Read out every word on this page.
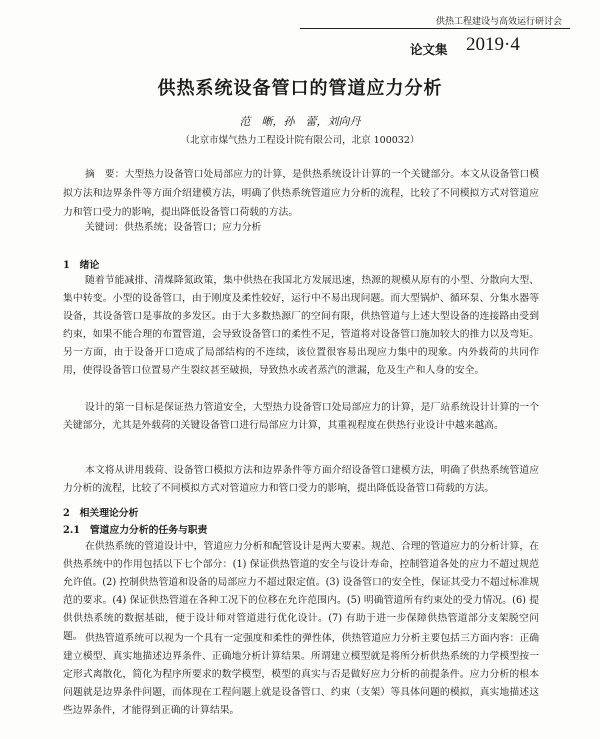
供热工程建设与高效运行研讨会
论文集 2019·4
供热系统设备管口的管道应力分析
范　晰，孙　蕾，刘向丹
（北京市煤气热力工程设计院有限公司，北京 100032）
摘　要：大型热力设备管口处局部应力的计算，是供热系统设计计算的一个关键部分。本文从设备管口模拟方法和边界条件等方面介绍建模方法，明确了供热系统管道应力分析的流程，比较了不同模拟方式对管道应力和管口受力的影响，提出降低设备管口荷载的方法。
关键词：供热系统；设备管口；应力分析
1　绪论
随着节能减排、清煤降氮政策，集中供热在我国北方发展迅速，热源的规模从原有的小型、分散向大型、集中转变。小型的设备管口，由于刚度及柔性较好，运行中不易出现问题。而大型锅炉、循环泵、分集水器等设备，其设备管口是事故的多发区。由于大多数热源厂的空间有限，供热管道与上述大型设备的连接路由受到约束，如果不能合理的布置管道，会导致设备管口的柔性不足，管道将对设备管口施加较大的推力以及弯矩。另一方面，由于设备开口造成了局部结构的不连续，该位置很容易出现应力集中的现象。内外载荷的共同作用，使得设备管口位置易产生裂纹甚至破损，导致热水或者蒸汽的泄漏，危及生产和人身的安全。
设计的第一目标是保证热力管道安全，大型热力设备管口处局部应力的计算，是厂站系统设计计算的一个关键部分，尤其是外载荷的关键设备管口进行局部应力计算，其重视程度在供热行业设计中越来越高。
本文将从讲用载荷、设备管口模拟方法和边界条件等方面介绍设备管口建模方法，明确了供热系统管道应力分析的流程，比较了不同模拟方式对管道应力和管口受力的影响，提出降低设备管口荷载的方法。
2　相关理论分析
2.1　管道应力分析的任务与职责
在供热系统的管道设计中，管道应力分析和配管设计是两大要素。规范、合理的管道应力的分析计算，在供热系统中的作用包括以下七个部分：(1) 保证供热管道的安全与设计寿命，控制管道各处的应力不超过规范允许值。(2) 控制供热管道和设备的局部应力不超过限定值。(3) 设备管口的安全性，保证其受力不超过标准规范的要求。(4) 保证供热管道在各种工况下的位移在允许范围内。(5) 明确管道所有约束处的受力情况。(6) 提供供热系统的数据基础，便于设计师对管道进行优化设计。(7) 有助于进一步保障供热管道部分支架脱空问题。 供热管道系统可以视为一个具有一定强度和柔性的弹性体，供热管道应力分析主要包括三方面内容：正确建立模型、真实地描述边界条件、正确地分析计算结果。所谓建立模型就是将所分析供热系统的力学模型按一定形式离散化，简化为程序所要求的数学模型，模型的真实与否是做好应力分析的前提条件。应力分析的根本问题就是边界条件问题，而体现在工程问题上就是设备管口、约束（支架）等具体问题的模拟，真实地描述这些边界条件，才能得到正确的计算结果。
